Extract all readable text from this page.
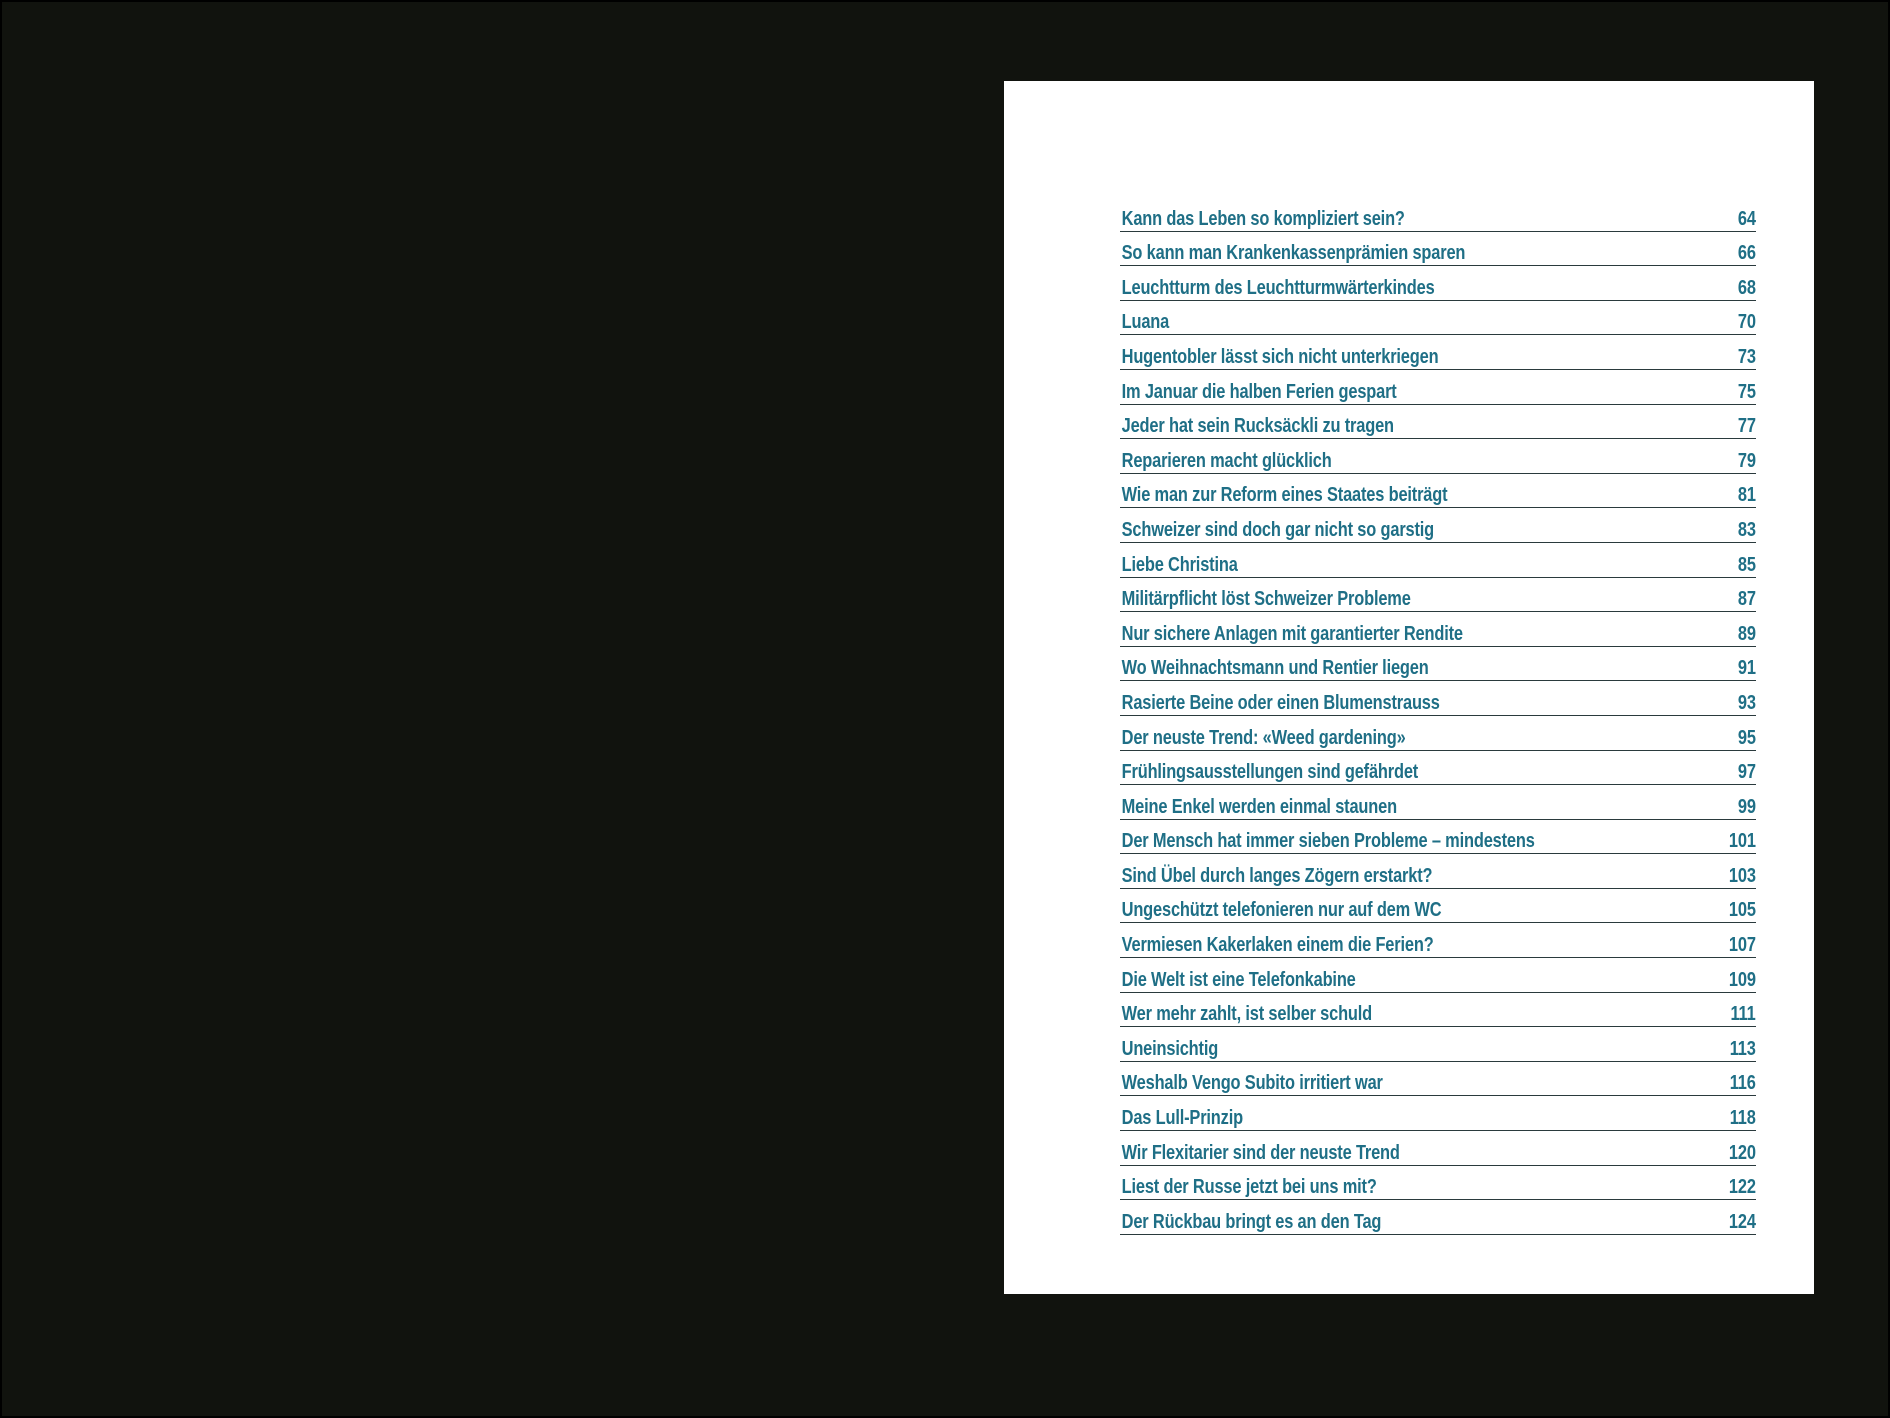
Kann das Leben so kompliziert sein?	64
So kann man Krankenkassenprämien sparen	66
Leuchtturm des Leuchtturmwärterkindes	68
Luana	70
Hugentobler lässt sich nicht unterkriegen	73
Im Januar die halben Ferien gespart	75
Jeder hat sein Rucksäckli zu tragen	77
Reparieren macht glücklich	79
Wie man zur Reform eines Staates beiträgt	81
Schweizer sind doch gar nicht so garstig	83
Liebe Christina	85
Militärpflicht löst Schweizer Probleme	87
Nur sichere Anlagen mit garantierter Rendite	89
Wo Weihnachtsmann und Rentier liegen	91
Rasierte Beine oder einen Blumenstrauss	93
Der neuste Trend: «Weed gardening»	95
Frühlingsausstellungen sind gefährdet	97
Meine Enkel werden einmal staunen	99
Der Mensch hat immer sieben Probleme – mindestens	101
Sind Übel durch langes Zögern erstarkt?	103
Ungeschützt telefonieren nur auf dem WC	105
Vermiesen Kakerlaken einem die Ferien?	107
Die Welt ist eine Telefonkabine	109
Wer mehr zahlt, ist selber schuld	111
Uneinsichtig	113
Weshalb Vengo Subito irritiert war	116
Das Lull-Prinzip	118
Wir Flexitarier sind der neuste Trend	120
Liest der Russe jetzt bei uns mit?	122
Der Rückbau bringt es an den Tag	124
